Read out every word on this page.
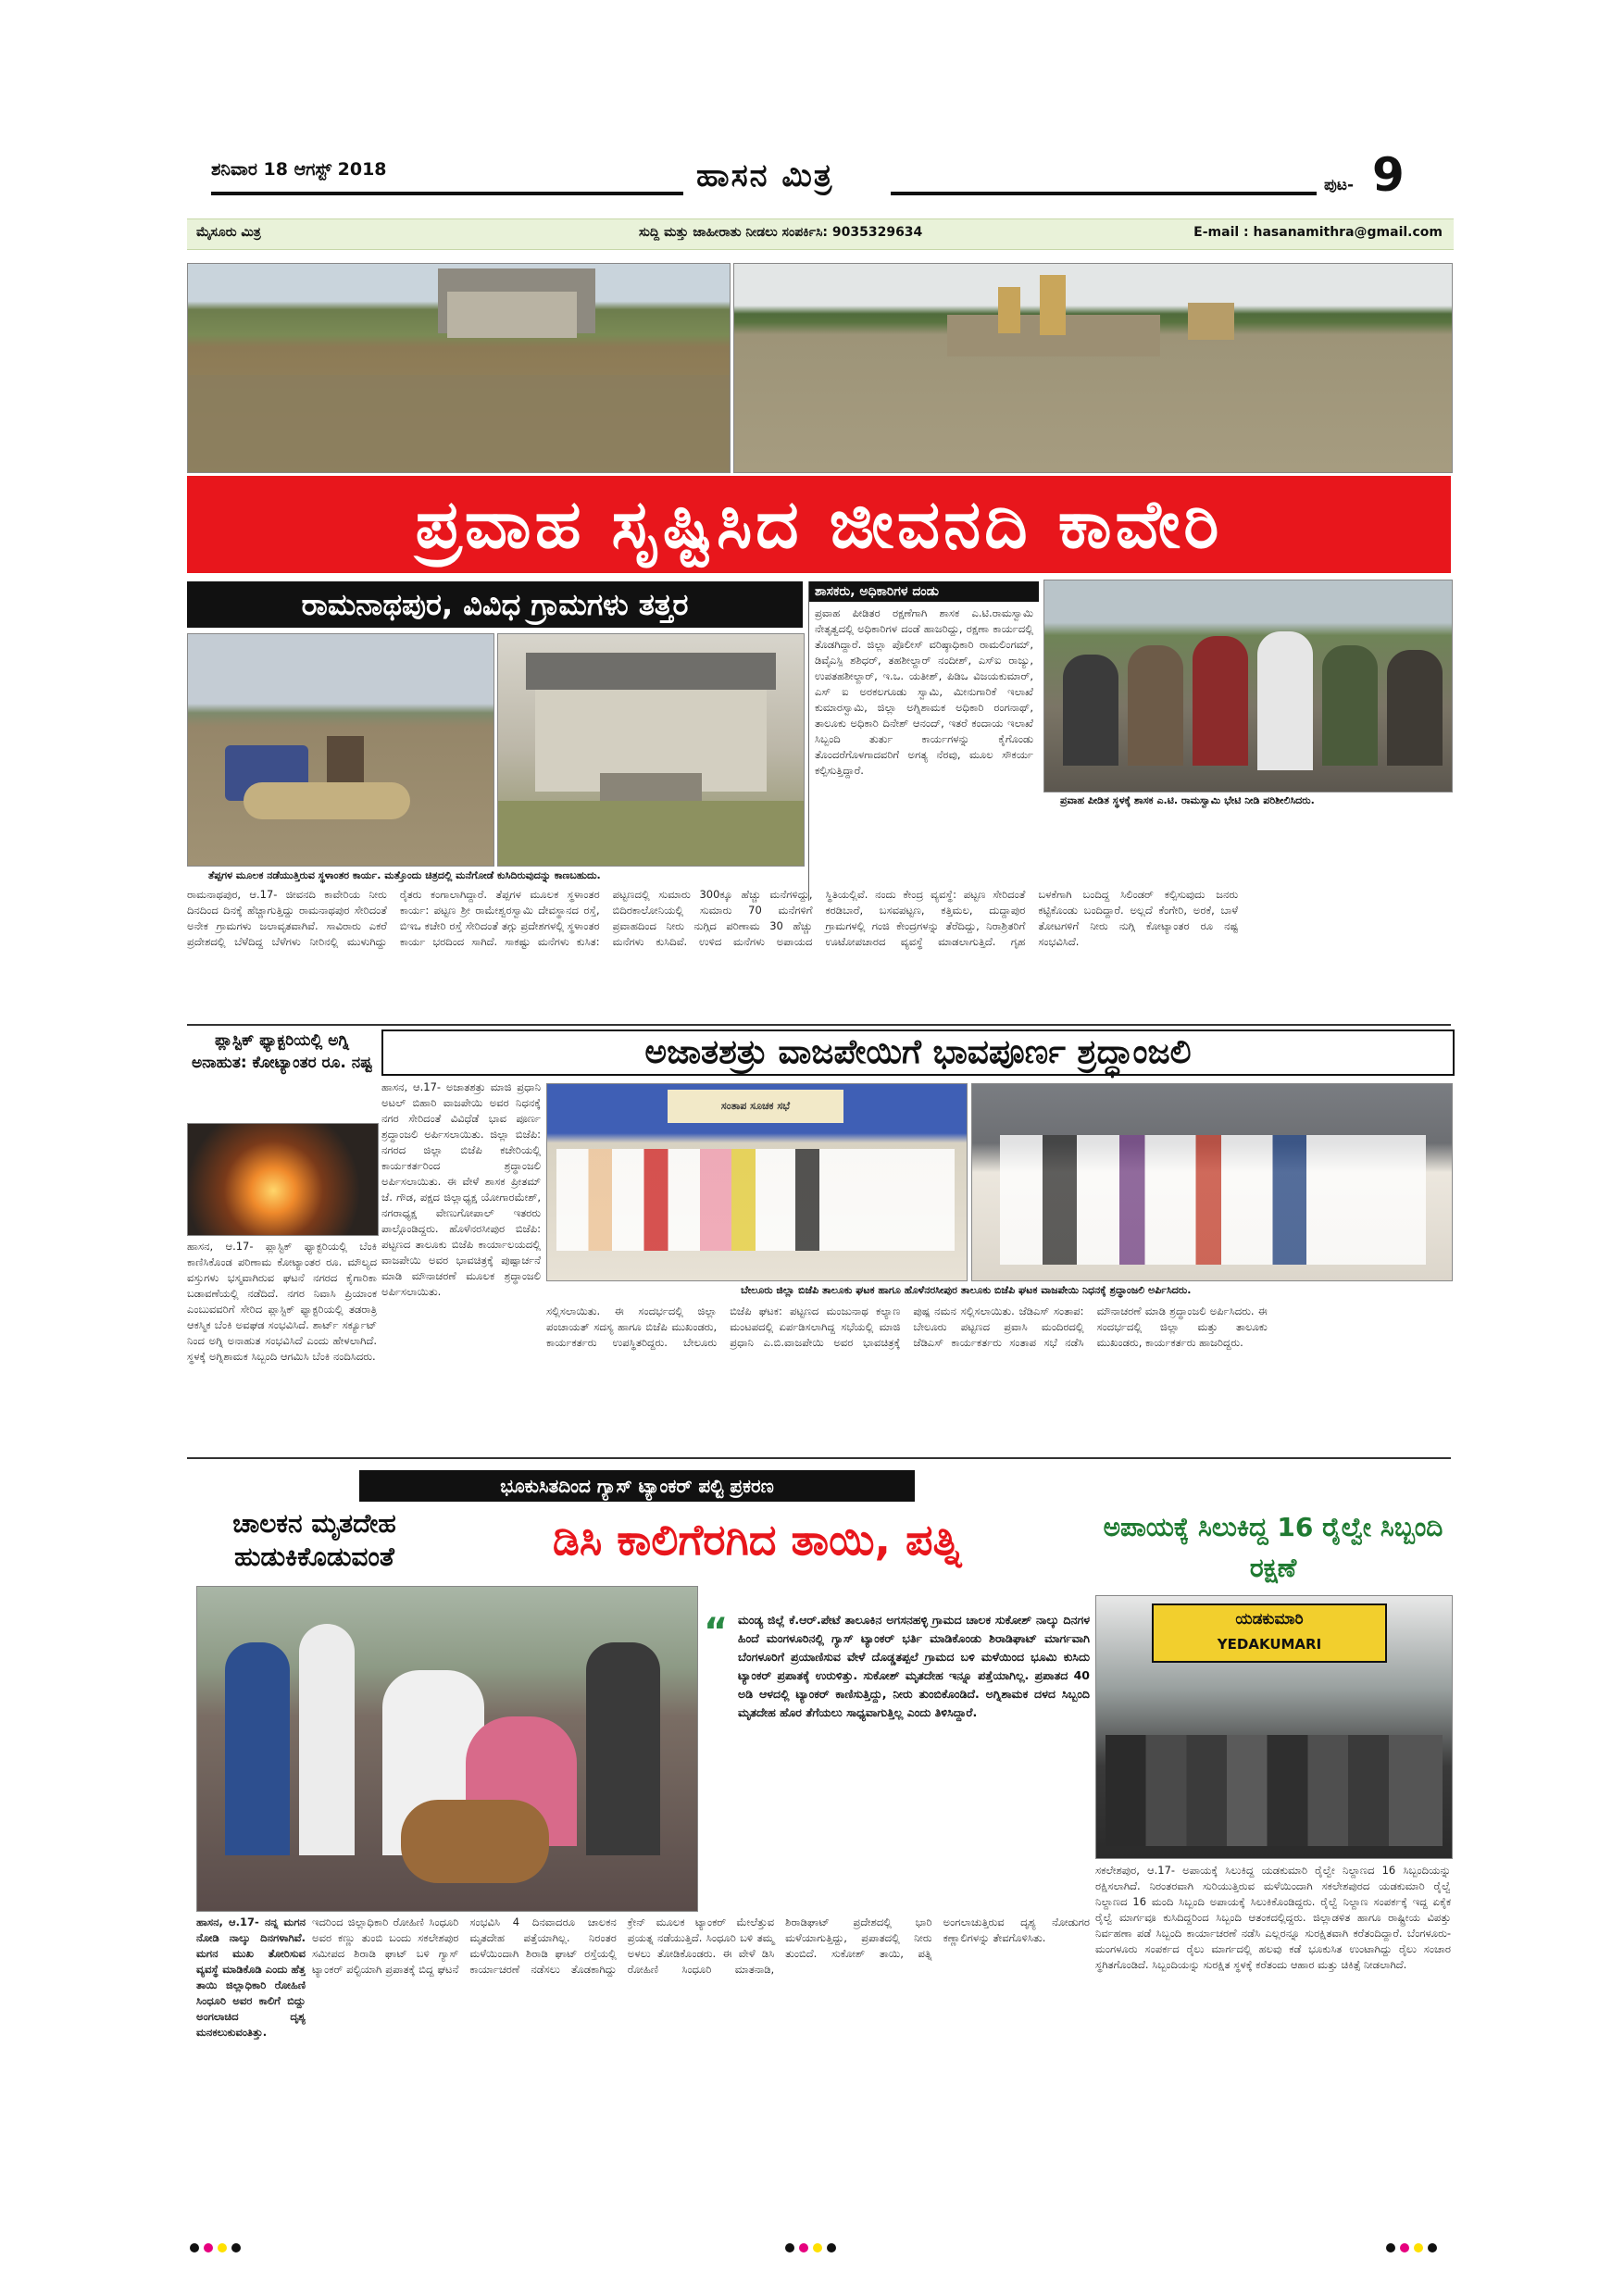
ಶನಿವಾರ 18 ಆಗಸ್ಟ್ 2018	ಹಾಸನ ಮಿತ್ರ	ಪುಟ- 9
ಮೈಸೂರು ಮಿತ್ರ	ಸುದ್ದಿ ಮತ್ತು ಜಾಹೀರಾತು ನೀಡಲು ಸಂಪರ್ಕಿಸಿ: 9035329634	E-mail : hasanamithra@gmail.com
ಪ್ರವಾಹ ಸೃಷ್ಟಿಸಿದ ಜೀವನದಿ ಕಾವೇರಿ
ರಾಮನಾಥಪುರ, ವಿವಿಧ ಗ್ರಾಮಗಳು ತತ್ತರ
ತೆಪ್ಪಗಳ ಮೂಲಕ ನಡೆಯುತ್ತಿರುವ ಸ್ಥಳಾಂತರ ಕಾರ್ಯ. ಮತ್ತೊಂದು ಚಿತ್ರದಲ್ಲಿ ಮನೆಗೋಡೆ ಕುಸಿದಿರುವುದನ್ನು ಕಾಣಬಹುದು.
ಶಾಸಕರು, ಅಧಿಕಾರಿಗಳ ದಂಡು
ಪ್ರವಾಹ ಪೀಡಿತರ ರಕ್ಷಣೆಗಾಗಿ ಶಾಸಕ ಎ.ಟಿ.ರಾಮಸ್ವಾಮಿ ನೇತೃತ್ವದಲ್ಲಿ ಅಧಿಕಾರಿಗಳ ದಂಡೆ ಹಾಜರಿದ್ದು, ರಕ್ಷಣಾ ಕಾರ್ಯದಲ್ಲಿ ತೊಡಗಿದ್ದಾರೆ. ಜಿಲ್ಲಾ ಪೊಲೀಸ್ ವರಿಷ್ಠಾಧಿಕಾರಿ ರಾಮಲಿಂಗಮ್, ಡಿವೈಎಸ್ಪಿ ಶಶಿಧರ್, ತಹಶೀಲ್ದಾರ್ ನಂದೀಶ್, ಎಸ್ಐ ರಾಜ್ಯು, ಉಪತಹಶೀಲ್ದಾರ್, ಇ.ಒ. ಯತೀಶ್, ಪಿಡಿಒ ವಿಜಯಕುಮಾರ್, ಎಸ್ ಐ ಅರಕಲಗೂಡು ಸ್ವಾಮಿ, ಮೀನುಗಾರಿಕೆ ಇಲಾಖೆ ಕುಮಾರಸ್ವಾಮಿ, ಜಿಲ್ಲಾ ಅಗ್ನಿಶಾಮಕ ಅಧಿಕಾರಿ ರಂಗನಾಥ್, ತಾಲೂಕು ಅಧಿಕಾರಿ ದಿನೇಶ್ ಆನಂದ್, ಇತರೆ ಕಂದಾಯ ಇಲಾಖೆ ಸಿಬ್ಬಂದಿ ತುರ್ತು ಕಾರ್ಯಗಳನ್ನು ಕೈಗೊಂಡು ತೊಂದರೆಗೊಳಗಾದವರಿಗೆ ಅಗತ್ಯ ನೆರವು, ಮೂಲ ಸೌಕರ್ಯ ಕಲ್ಪಿಸುತ್ತಿದ್ದಾರೆ.
ಪ್ರವಾಹ ಪೀಡಿತ ಸ್ಥಳಕ್ಕೆ ಶಾಸಕ ಎ.ಟಿ. ರಾಮಸ್ವಾಮಿ ಭೇಟಿ ನೀಡಿ ಪರಿಶೀಲಿಸಿದರು.
ರಾಮನಾಥಪುರ, ಆ.17- ಜೀವನದಿ ಕಾವೇರಿಯ ನೀರು ದಿನದಿಂದ ದಿನಕ್ಕೆ ಹೆಚ್ಚಾಗುತ್ತಿದ್ದು ರಾಮನಾಥಪುರ ಸೇರಿದಂತೆ ಅನೇಕ ಗ್ರಾಮಗಳು ಜಲಾವೃತವಾಗಿವೆ. ಸಾವಿರಾರು ಎಕರೆ ಪ್ರದೇಶದಲ್ಲಿ ಬೆಳೆದಿದ್ದ ಬೆಳೆಗಳು ನೀರಿನಲ್ಲಿ ಮುಳುಗಿದ್ದು ರೈತರು ಕಂಗಾಲಾಗಿದ್ದಾರೆ. ತೆಪ್ಪಗಳ ಮೂಲಕ ಸ್ಥಳಾಂತರ ಕಾರ್ಯ: ಪಟ್ಟಣ ಶ್ರೀ ರಾಮೇಶ್ವರಸ್ವಾಮಿ ದೇವಸ್ಥಾನದ ರಸ್ತೆ, ಬಿಇಒ ಕಚೇರಿ ರಸ್ತೆ ಸೇರಿದಂತೆ ತಗ್ಗು ಪ್ರದೇಶಗಳಲ್ಲಿ ಸ್ಥಳಾಂತರ ಕಾರ್ಯ ಭರದಿಂದ ಸಾಗಿದೆ. ಸಾಕಷ್ಟು ಮನೆಗಳು ಕುಸಿತ: ಪಟ್ಟಣದಲ್ಲಿ ಸುಮಾರು 300ಕ್ಕೂ ಹೆಚ್ಚು ಮನೆಗಳಿದ್ದು, ಬಿದಿರಕಾಲೋನಿಯಲ್ಲಿ ಸುಮಾರು 70 ಮನೆಗಳಿಗೆ ಪ್ರವಾಹದಿಂದ ನೀರು ನುಗ್ಗಿದ ಪರಿಣಾಮ 30 ಹೆಚ್ಚು ಮನೆಗಳು ಕುಸಿದಿವೆ. ಉಳಿದ ಮನೆಗಳು ಅಪಾಯದ ಸ್ಥಿತಿಯಲ್ಲಿವೆ. ನಂದು ಕೇಂದ್ರ ವ್ಯವಸ್ಥೆ: ಪಟ್ಟಣ ಸೇರಿದಂತೆ ಕರಡಿಬಾರೆ, ಬಸವಪಟ್ಟಣ, ಕತ್ತಿಮಲ, ದುದ್ದಾಪುರ ಗ್ರಾಮಗಳಲ್ಲಿ ಗಂಜಿ ಕೇಂದ್ರಗಳನ್ನು ತೆರೆದಿದ್ದು, ನಿರಾಶ್ರಿತರಿಗೆ ಊಟೋಪಚಾರದ ವ್ಯವಸ್ಥೆ ಮಾಡಲಾಗುತ್ತಿದೆ. ಗೃಹ ಬಳಕೆಗಾಗಿ ಬಂದಿದ್ದ ಸಿಲಿಂಡರ್ ಕಲ್ಪಿಸುವುದು ಜನರು ಕಟ್ಟಿಕೊಂಡು ಬಂದಿದ್ದಾರೆ. ಅಲ್ಲದೆ ಕೆಂಗೇರಿ, ಅರಕೆ, ಬಾಳೆ ತೋಟಗಳಿಗೆ ನೀರು ನುಗ್ಗಿ ಕೋಟ್ಯಾಂತರ ರೂ ನಷ್ಟ ಸಂಭವಿಸಿದೆ.
ಪ್ಲಾಸ್ಟಿಕ್ ಫ್ಯಾಕ್ಟರಿಯಲ್ಲಿ ಅಗ್ನಿ ಅನಾಹುತ: ಕೋಟ್ಯಾಂತರ ರೂ. ನಷ್ಟ
ಹಾಸನ, ಆ.17- ಪ್ಲಾಸ್ಟಿಕ್ ಫ್ಯಾಕ್ಟರಿಯಲ್ಲಿ ಬೆಂಕಿ ಕಾಣಿಸಿಕೊಂಡ ಪರಿಣಾಮ ಕೋಟ್ಯಾಂತರ ರೂ. ಮೌಲ್ಯದ ವಸ್ತುಗಳು ಭಸ್ಮವಾಗಿರುವ ಘಟನೆ ನಗರದ ಕೈಗಾರಿಕಾ ಬಡಾವಣೆಯಲ್ಲಿ ನಡೆದಿದೆ. ನಗರ ನಿವಾಸಿ ಪ್ರಿಯಾಂಕ ಎಂಬುವವರಿಗೆ ಸೇರಿದ ಪ್ಲಾಸ್ಟಿಕ್ ಫ್ಯಾಕ್ಟರಿಯಲ್ಲಿ ತಡರಾತ್ರಿ ಆಕಸ್ಮಿಕ ಬೆಂಕಿ ಅವಘಡ ಸಂಭವಿಸಿದೆ. ಶಾರ್ಟ್ ಸರ್ಕ್ಯೂಟ್ ನಿಂದ ಅಗ್ನಿ ಅನಾಹುತ ಸಂಭವಿಸಿದೆ ಎಂದು ಹೇಳಲಾಗಿದೆ. ಸ್ಥಳಕ್ಕೆ ಅಗ್ನಿಶಾಮಕ ಸಿಬ್ಬಂದಿ ಆಗಮಿಸಿ ಬೆಂಕಿ ನಂದಿಸಿದರು.
ಅಜಾತಶತ್ರು ವಾಜಪೇಯಿಗೆ ಭಾವಪೂರ್ಣ ಶ್ರದ್ಧಾಂಜಲಿ
ಹಾಸನ, ಆ.17- ಅಜಾತಶತ್ರು ಮಾಜಿ ಪ್ರಧಾನಿ ಅಟಲ್ ಬಿಹಾರಿ ವಾಜಪೇಯಿ ಅವರ ನಿಧನಕ್ಕೆ ನಗರ ಸೇರಿದಂತೆ ವಿವಿಧೆಡೆ ಭಾವ ಪೂರ್ಣ ಶ್ರದ್ಧಾಂಜಲಿ ಅರ್ಪಿಸಲಾಯಿತು. ಜಿಲ್ಲಾ ಬಿಜೆಪಿ: ನಗರದ ಜಿಲ್ಲಾ ಬಿಜೆಪಿ ಕಚೇರಿಯಲ್ಲಿ ಕಾರ್ಯಕರ್ತರಿಂದ ಶ್ರದ್ಧಾಂಜಲಿ ಅರ್ಪಿಸಲಾಯಿತು. ಈ ವೇಳೆ ಶಾಸಕ ಪ್ರೀತಮ್ ಜೆ. ಗೌಡ, ಪಕ್ಷದ ಜಿಲ್ಲಾಧ್ಯಕ್ಷ ಯೋಗಾರಮೇಶ್, ನಗರಾಧ್ಯಕ್ಷ ವೇಣುಗೋಪಾಲ್ ಇತರರು ಪಾಲ್ಗೊಂಡಿದ್ದರು. ಹೊಳೆನರಸೀಪುರ ಬಿಜೆಪಿ: ಪಟ್ಟಣದ ತಾಲೂಕು ಬಿಜೆಪಿ ಕಾರ್ಯಾಲಯದಲ್ಲಿ ವಾಜಪೇಯಿ ಅವರ ಭಾವಚಿತ್ರಕ್ಕೆ ಪುಷ್ಪಾರ್ಚನೆ ಮಾಡಿ ಮೌನಾಚರಣೆ ಮೂಲಕ ಶ್ರದ್ಧಾಂಜಲಿ ಅರ್ಪಿಸಲಾಯಿತು.
ಸಂತಾಪ ಸೂಚಕ ಸಭೆ
ಬೇಲೂರು ಜಿಲ್ಲಾ ಬಿಜೆಪಿ ತಾಲೂಕು ಘಟಕ ಹಾಗೂ ಹೊಳೆನರಸೀಪುರ ತಾಲೂಕು ಬಿಜೆಪಿ ಘಟಕ ವಾಜಪೇಯಿ ನಿಧನಕ್ಕೆ ಶ್ರದ್ಧಾಂಜಲಿ ಅರ್ಪಿಸಿದರು.
ಸಲ್ಲಿಸಲಾಯಿತು. ಈ ಸಂದರ್ಭದಲ್ಲಿ ಜಿಲ್ಲಾ ಪಂಚಾಯತ್ ಸದಸ್ಯ ಹಾಗೂ ಬಿಜೆಪಿ ಮುಖಂಡರು, ಕಾರ್ಯಕರ್ತರು ಉಪಸ್ಥಿತರಿದ್ದರು. ಬೇಲೂರು ಬಿಜೆಪಿ ಘಟಕ: ಪಟ್ಟಣದ ಮಂಜುನಾಥ ಕಲ್ಯಾಣ ಮಂಟಪದಲ್ಲಿ ಏರ್ಪಡಿಸಲಾಗಿದ್ದ ಸಭೆಯಲ್ಲಿ ಮಾಜಿ ಪ್ರಧಾನಿ ಎ.ಬಿ.ವಾಜಪೇಯಿ ಅವರ ಭಾವಚಿತ್ರಕ್ಕೆ ಪುಷ್ಪ ನಮನ ಸಲ್ಲಿಸಲಾಯಿತು. ಜೆಡಿಎಸ್ ಸಂತಾಪ: ಬೇಲೂರು ಪಟ್ಟಣದ ಪ್ರವಾಸಿ ಮಂದಿರದಲ್ಲಿ ಜೆಡಿಎಸ್ ಕಾರ್ಯಕರ್ತರು ಸಂತಾಪ ಸಭೆ ನಡೆಸಿ ಮೌನಾಚರಣೆ ಮಾಡಿ ಶ್ರದ್ಧಾಂಜಲಿ ಅರ್ಪಿಸಿದರು. ಈ ಸಂದರ್ಭದಲ್ಲಿ ಜಿಲ್ಲಾ ಮತ್ತು ತಾಲೂಕು ಮುಖಂಡರು, ಕಾರ್ಯಕರ್ತರು ಹಾಜರಿದ್ದರು.
ಭೂಕುಸಿತದಿಂದ ಗ್ಯಾಸ್ ಟ್ಯಾಂಕರ್ ಪಲ್ಟಿ ಪ್ರಕರಣ
ಚಾಲಕನ ಮೃತದೇಹ ಹುಡುಕಿಕೊಡುವಂತೆ	ಡಿಸಿ ಕಾಲಿಗೆರಗಿದ ತಾಯಿ, ಪತ್ನಿ
“ ಮಂಡ್ಯ ಜಿಲ್ಲೆ ಕೆ.ಆರ್.ಪೇಟೆ ತಾಲೂಕಿನ ಅಗಸನಹಳ್ಳಿ ಗ್ರಾಮದ ಚಾಲಕ ಸುಕೋಶ್ ನಾಲ್ಕು ದಿನಗಳ ಹಿಂದೆ ಮಂಗಳೂರಿನಲ್ಲಿ ಗ್ಯಾಸ್ ಟ್ಯಾಂಕರ್ ಭರ್ತಿ ಮಾಡಿಕೊಂಡು ಶಿರಾಡಿಘಾಟ್ ಮಾರ್ಗವಾಗಿ ಬೆಂಗಳೂರಿಗೆ ಪ್ರಯಾಣಿಸುವ ವೇಳೆ ದೊಡ್ಡತಪ್ಪಲೆ ಗ್ರಾಮದ ಬಳಿ ಮಳೆಯಿಂದ ಭೂಮಿ ಕುಸಿದು ಟ್ಯಾಂಕರ್ ಪ್ರಪಾತಕ್ಕೆ ಉರುಳಿತ್ತು. ಸುಕೋಶ್ ಮೃತದೇಹ ಇನ್ನೂ ಪತ್ತೆಯಾಗಿಲ್ಲ. ಪ್ರಪಾತದ 40 ಅಡಿ ಆಳದಲ್ಲಿ ಟ್ಯಾಂಕರ್ ಕಾಣಿಸುತ್ತಿದ್ದು, ನೀರು ತುಂಬಿಕೊಂಡಿದೆ. ಅಗ್ನಿಶಾಮಕ ದಳದ ಸಿಬ್ಬಂದಿ ಮೃತದೇಹ ಹೊರ ತೆಗೆಯಲು ಸಾಧ್ಯವಾಗುತ್ತಿಲ್ಲ ಎಂದು ತಿಳಿಸಿದ್ದಾರೆ.
ಹಾಸನ, ಆ.17- ನನ್ನ ಮಗನ ನೋಡಿ ನಾಲ್ಕು ದಿನಗಳಾಗಿವೆ. ಮಗನ ಮುಖ ತೋರಿಸುವ ವ್ಯವಸ್ಥೆ ಮಾಡಿಕೊಡಿ ಎಂದು ಹೆತ್ತ ತಾಯಿ ಜಿಲ್ಲಾಧಿಕಾರಿ ರೋಹಿಣಿ ಸಿಂಧೂರಿ ಅವರ ಕಾಲಿಗೆ ಬಿದ್ದು ಅಂಗಲಾಚಿದ ದೃಶ್ಯ ಮನಕಲುಕುವಂತಿತ್ತು.
ಇದರಿಂದ ಜಿಲ್ಲಾಧಿಕಾರಿ ರೋಹಿಣಿ ಸಿಂಧೂರಿ ಅವರ ಕಣ್ಣು ತುಂಬಿ ಬಂದು ಸಕಲೇಶಪುರ ಸಮೀಪದ ಶಿರಾಡಿ ಘಾಟ್ ಬಳಿ ಗ್ಯಾಸ್ ಟ್ಯಾಂಕರ್ ಪಲ್ಟಿಯಾಗಿ ಪ್ರಪಾತಕ್ಕೆ ಬಿದ್ದ ಘಟನೆ ಸಂಭವಿಸಿ 4 ದಿನವಾದರೂ ಚಾಲಕನ ಮೃತದೇಹ ಪತ್ತೆಯಾಗಿಲ್ಲ. ನಿರಂತರ ಮಳೆಯಿಂದಾಗಿ ಶಿರಾಡಿ ಘಾಟ್ ರಸ್ತೆಯಲ್ಲಿ ಕಾರ್ಯಾಚರಣೆ ನಡೆಸಲು ತೊಡಕಾಗಿದ್ದು ಕ್ರೇನ್ ಮೂಲಕ ಟ್ಯಾಂಕರ್ ಮೇಲೆತ್ತುವ ಪ್ರಯತ್ನ ನಡೆಯುತ್ತಿದೆ. ಸಿಂಧೂರಿ ಬಳಿ ತಮ್ಮ ಅಳಲು ತೋಡಿಕೊಂಡರು. ಈ ವೇಳೆ ಡಿಸಿ ರೋಹಿಣಿ ಸಿಂಧೂರಿ ಮಾತನಾಡಿ, ಶಿರಾಡಿಘಾಟ್ ಪ್ರದೇಶದಲ್ಲಿ ಭಾರಿ ಮಳೆಯಾಗುತ್ತಿದ್ದು, ಪ್ರಪಾತದಲ್ಲಿ ನೀರು ತುಂಬಿದೆ. ಸುಕೋಶ್ ತಾಯಿ, ಪತ್ನಿ ಅಂಗಲಾಚುತ್ತಿರುವ ದೃಶ್ಯ ನೋಡುಗರ ಕಣ್ಣಾಲಿಗಳನ್ನು ತೇವಗೊಳಿಸಿತು.
ಅಪಾಯಕ್ಕೆ ಸಿಲುಕಿದ್ದ 16 ರೈಲ್ವೇ ಸಿಬ್ಬಂದಿ ರಕ್ಷಣೆ
ಯಡಕುಮಾರಿ
YEDAKUMARI
ಸಕಲೇಶಪುರ, ಆ.17- ಅಪಾಯಕ್ಕೆ ಸಿಲುಕಿದ್ದ ಯಡಕುಮಾರಿ ರೈಲ್ವೇ ನಿಲ್ದಾಣದ 16 ಸಿಬ್ಬಂದಿಯನ್ನು ರಕ್ಷಿಸಲಾಗಿದೆ. ನಿರಂತರವಾಗಿ ಸುರಿಯುತ್ತಿರುವ ಮಳೆಯಿಂದಾಗಿ ಸಕಲೇಶಪುರದ ಯಡಕುಮಾರಿ ರೈಲ್ವೆ ನಿಲ್ದಾಣದ 16 ಮಂದಿ ಸಿಬ್ಬಂದಿ ಅಪಾಯಕ್ಕೆ ಸಿಲುಕಿಕೊಂಡಿದ್ದರು. ರೈಲ್ವೆ ನಿಲ್ದಾಣ ಸಂಪರ್ಕಕ್ಕೆ ಇದ್ದ ಏಕೈಕ ರೈಲ್ವೆ ಮಾರ್ಗವೂ ಕುಸಿದಿದ್ದರಿಂದ ಸಿಬ್ಬಂದಿ ಆತಂಕದಲ್ಲಿದ್ದರು. ಜಿಲ್ಲಾಡಳಿತ ಹಾಗೂ ರಾಷ್ಟ್ರೀಯ ವಿಪತ್ತು ನಿರ್ವಹಣಾ ಪಡೆ ಸಿಬ್ಬಂದಿ ಕಾರ್ಯಾಚರಣೆ ನಡೆಸಿ ಎಲ್ಲರನ್ನೂ ಸುರಕ್ಷಿತವಾಗಿ ಕರೆತಂದಿದ್ದಾರೆ. ಬೆಂಗಳೂರು-ಮಂಗಳೂರು ಸಂಪರ್ಕದ ರೈಲು ಮಾರ್ಗದಲ್ಲಿ ಹಲವು ಕಡೆ ಭೂಕುಸಿತ ಉಂಟಾಗಿದ್ದು ರೈಲು ಸಂಚಾರ ಸ್ಥಗಿತಗೊಂಡಿದೆ. ಸಿಬ್ಬಂದಿಯನ್ನು ಸುರಕ್ಷಿತ ಸ್ಥಳಕ್ಕೆ ಕರೆತಂದು ಆಹಾರ ಮತ್ತು ಚಿಕಿತ್ಸೆ ನೀಡಲಾಗಿದೆ.
